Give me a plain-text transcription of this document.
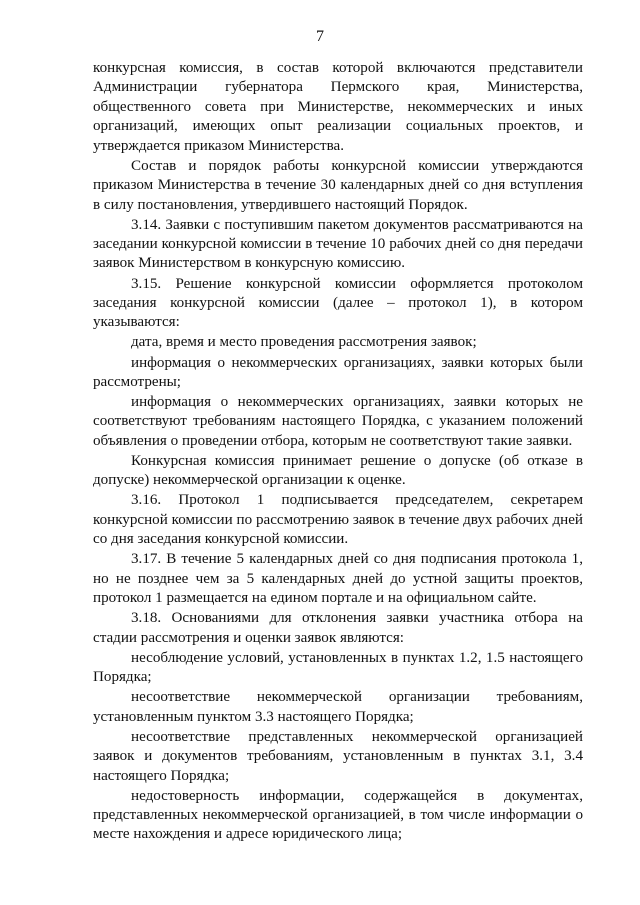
7

конкурсная комиссия, в состав которой включаются представители Администрации губернатора Пермского края, Министерства, общественного совета при Министерстве, некоммерческих и иных организаций, имеющих опыт реализации социальных проектов, и утверждается приказом Министерства.

Состав и порядок работы конкурсной комиссии утверждаются приказом Министерства в течение 30 календарных дней со дня вступления в силу постановления, утвердившего настоящий Порядок.

3.14. Заявки с поступившим пакетом документов рассматриваются на заседании конкурсной комиссии в течение 10 рабочих дней со дня передачи заявок Министерством в конкурсную комиссию.

3.15. Решение конкурсной комиссии оформляется протоколом заседания конкурсной комиссии (далее – протокол 1), в котором указываются:

дата, время и место проведения рассмотрения заявок;

информация о некоммерческих организациях, заявки которых были рассмотрены;

информация о некоммерческих организациях, заявки которых не соответствуют требованиям настоящего Порядка, с указанием положений объявления о проведении отбора, которым не соответствуют такие заявки.

Конкурсная комиссия принимает решение о допуске (об отказе в допуске) некоммерческой организации к оценке.

3.16. Протокол 1 подписывается председателем, секретарем конкурсной комиссии по рассмотрению заявок в течение двух рабочих дней со дня заседания конкурсной комиссии.

3.17. В течение 5 календарных дней со дня подписания протокола 1, но не позднее чем за 5 календарных дней до устной защиты проектов, протокол 1 размещается на едином портале и на официальном сайте.

3.18. Основаниями для отклонения заявки участника отбора на стадии рассмотрения и оценки заявок являются:

несоблюдение условий, установленных в пунктах 1.2, 1.5 настоящего Порядка;

несоответствие некоммерческой организации требованиям, установленным пунктом 3.3 настоящего Порядка;

несоответствие представленных некоммерческой организацией заявок и документов требованиям, установленным в пунктах 3.1, 3.4 настоящего Порядка;

недостоверность информации, содержащейся в документах, представленных некоммерческой организацией, в том числе информации о месте нахождения и адресе юридического лица;
